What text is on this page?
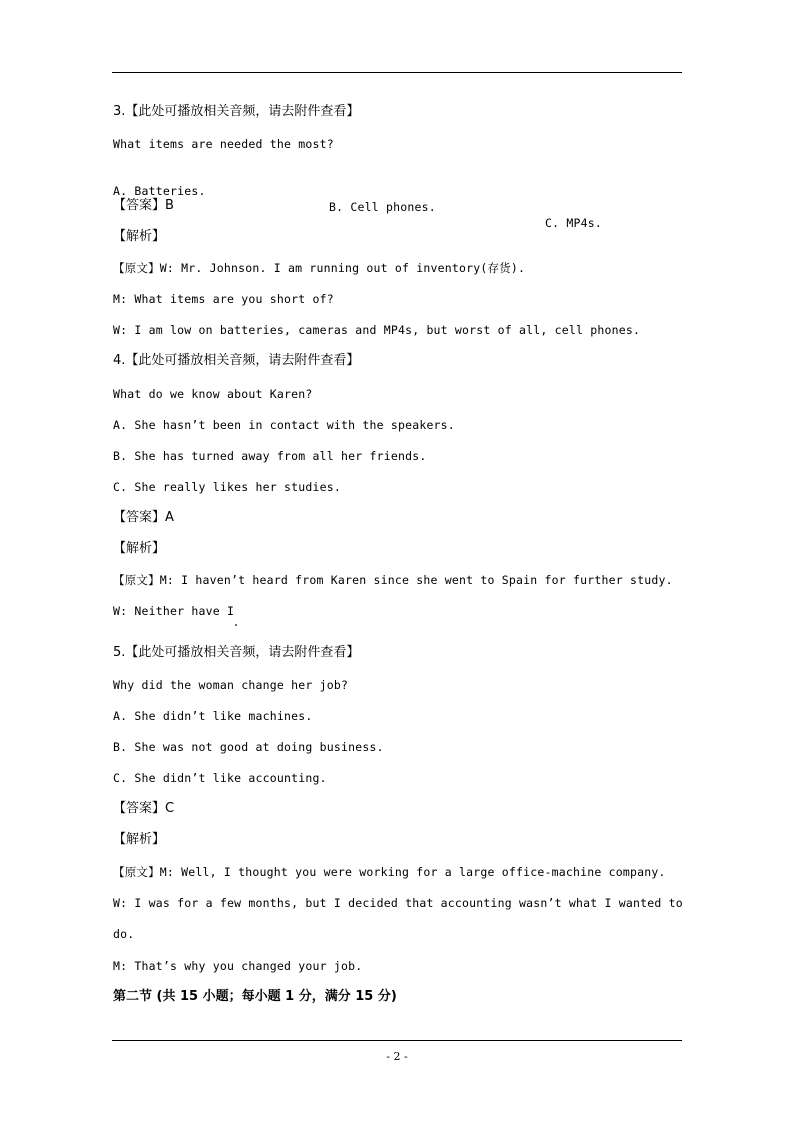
3.【此处可播放相关音频，请去附件查看】
What items are needed the most?

A. Batteries.

B. Cell phones.

C. MP4s.

【答案】B
【解析】
【原文】W: Mr. Johnson. I am running out of inventory(存货).
M: What items are you short of?
W: I am low on batteries, cameras and MP4s, but worst of all, cell phones.
4.【此处可播放相关音频，请去附件查看】
What do we know about Karen?
A. She hasn’t been in contact with the speakers.
B. She has turned away from all her friends.
C. She really likes her studies.
【答案】A
【解析】
【原文】M: I haven’t heard from Karen since she went to Spain for further study.
W: Neither have I
5.【此处可播放相关音频，请去附件查看】
Why did the woman change her job?
A. She didn’t like machines.
B. She was not good at doing business.
C. She didn’t like accounting.
【答案】C
【解析】
【原文】M: Well, I thought you were working for a large office-machine company.
W: I was for a few months, but I decided that accounting wasn’t what I wanted to
do.
M: That’s why you changed your job.
第二节 (共 15 小题；每小题 1 分，满分 15 分)
- 2 -
